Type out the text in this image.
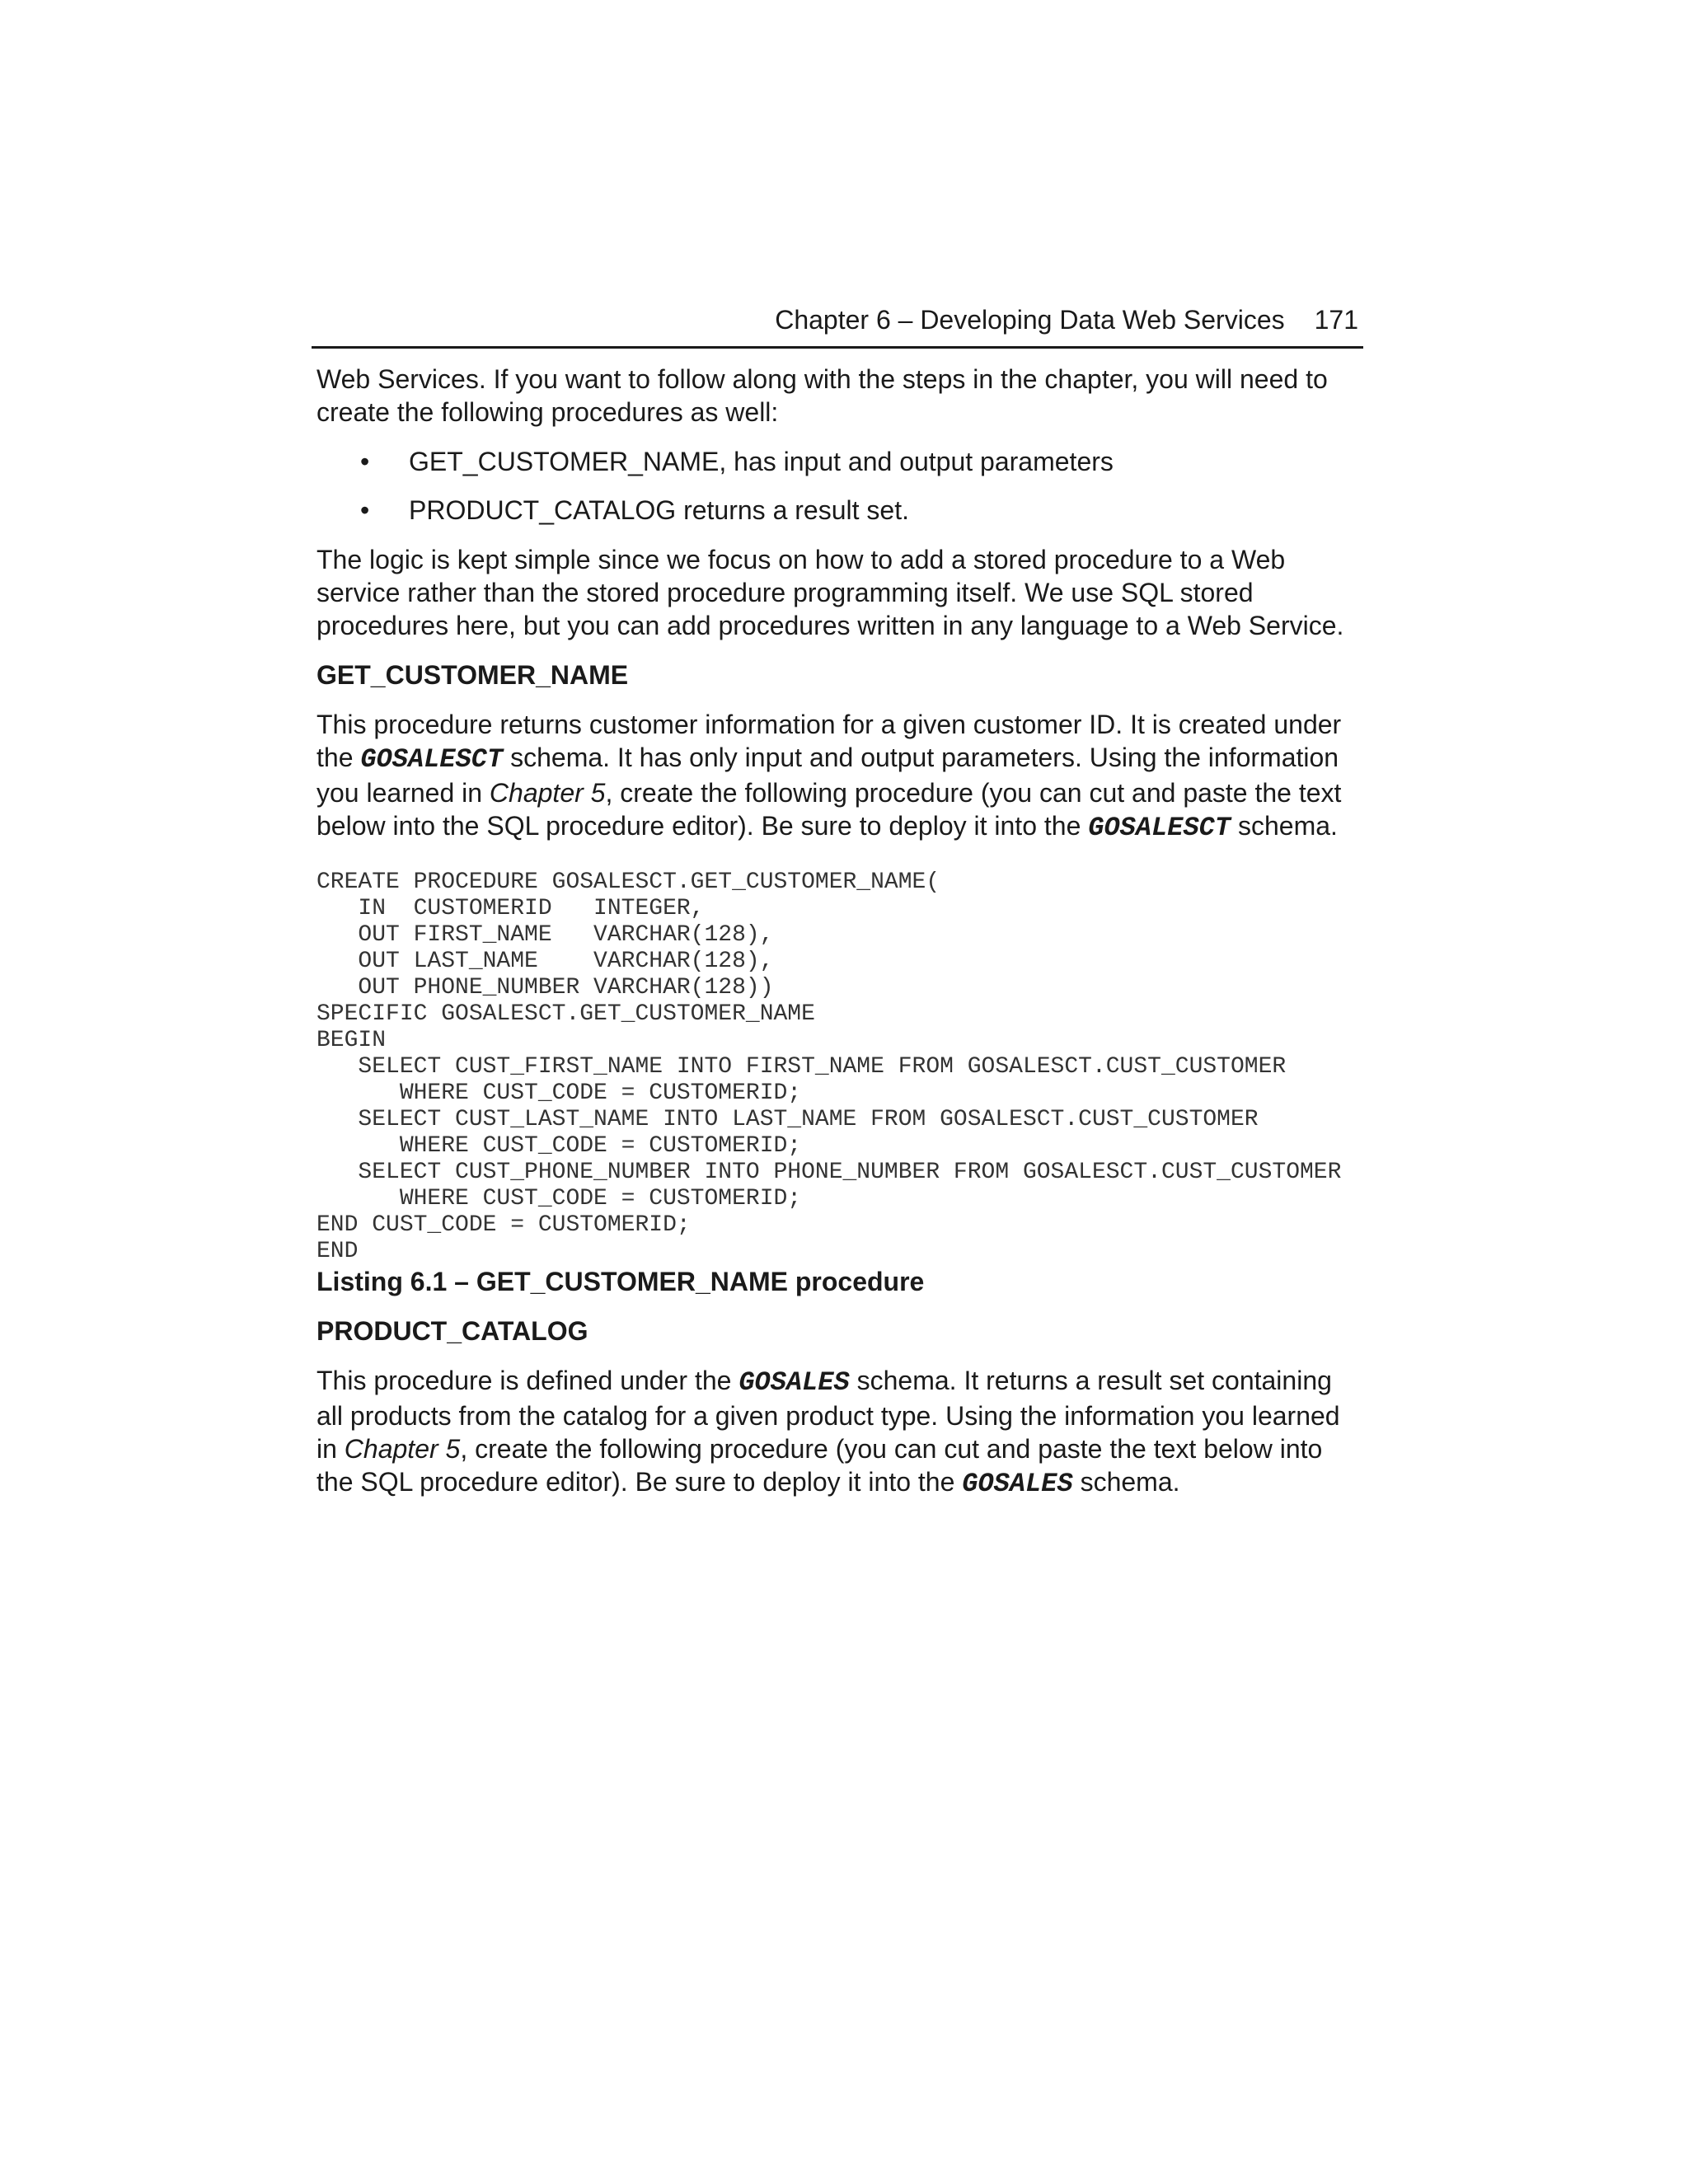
Chapter 6 – Developing Data Web Services 171

Web Services. If you want to follow along with the steps in the chapter, you will need to create the following procedures as well:

• GET_CUSTOMER_NAME, has input and output parameters
• PRODUCT_CATALOG returns a result set.

The logic is kept simple since we focus on how to add a stored procedure to a Web service rather than the stored procedure programming itself. We use SQL stored procedures here, but you can add procedures written in any language to a Web Service.

GET_CUSTOMER_NAME

This procedure returns customer information for a given customer ID. It is created under the GOSALESCT schema. It has only input and output parameters. Using the information you learned in Chapter 5, create the following procedure (you can cut and paste the text below into the SQL procedure editor). Be sure to deploy it into the GOSALESCT schema.

CREATE PROCEDURE GOSALESCT.GET_CUSTOMER_NAME(
IN  CUSTOMERID   INTEGER,
OUT FIRST_NAME   VARCHAR(128),
OUT LAST_NAME    VARCHAR(128),
OUT PHONE_NUMBER VARCHAR(128))
SPECIFIC GOSALESCT.GET_CUSTOMER_NAME
BEGIN
SELECT CUST_FIRST_NAME INTO FIRST_NAME FROM GOSALESCT.CUST_CUSTOMER
WHERE CUST_CODE = CUSTOMERID;
SELECT CUST_LAST_NAME INTO LAST_NAME FROM GOSALESCT.CUST_CUSTOMER
WHERE CUST_CODE = CUSTOMERID;
SELECT CUST_PHONE_NUMBER INTO PHONE_NUMBER FROM GOSALESCT.CUST_CUSTOMER
WHERE CUST_CODE = CUSTOMERID;
END CUST_CODE = CUSTOMERID;
END
Listing 6.1 – GET_CUSTOMER_NAME procedure
PRODUCT_CATALOG

This procedure is defined under the GOSALES schema. It returns a result set containing all products from the catalog for a given product type. Using the information you learned in Chapter 5, create the following procedure (you can cut and paste the text below into the SQL procedure editor). Be sure to deploy it into the GOSALES schema.
